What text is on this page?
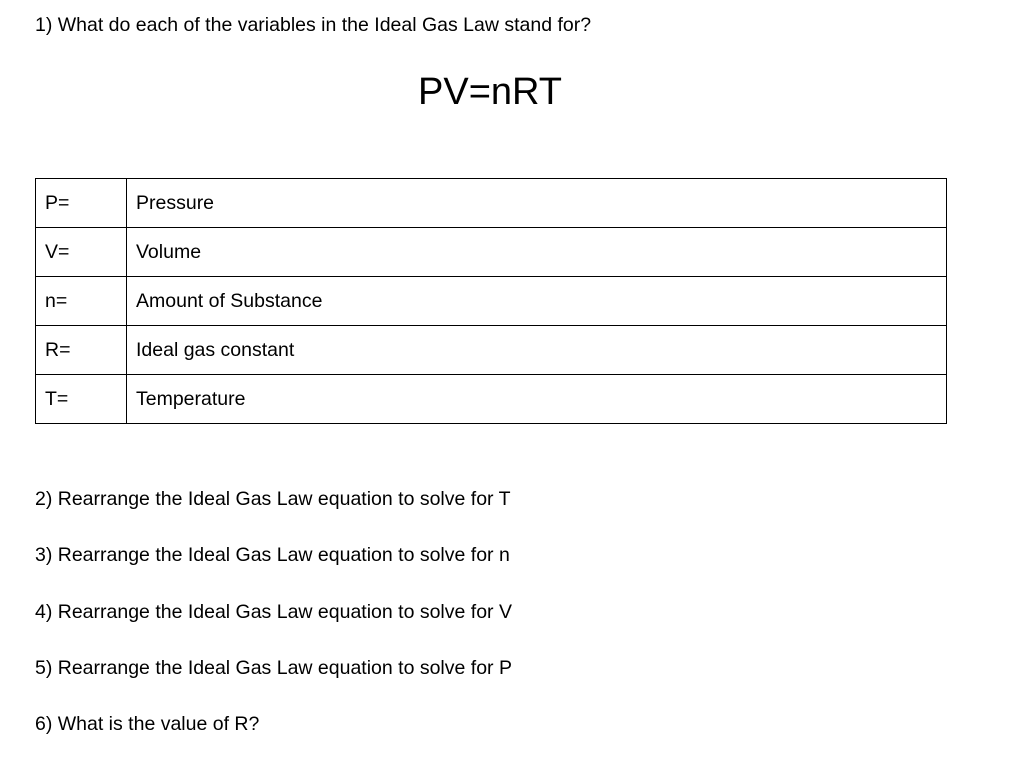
1) What do each of the variables in the Ideal Gas Law stand for?
PV=nRT
P=	Pressure
V=	Volume
n=	Amount of Substance
R=	Ideal gas constant
T=	Temperature
2) Rearrange the Ideal Gas Law equation to solve for T
3) Rearrange the Ideal Gas Law equation to solve for n
4) Rearrange the Ideal Gas Law equation to solve for V
5) Rearrange the Ideal Gas Law equation to solve for P
6) What is the value of R?
